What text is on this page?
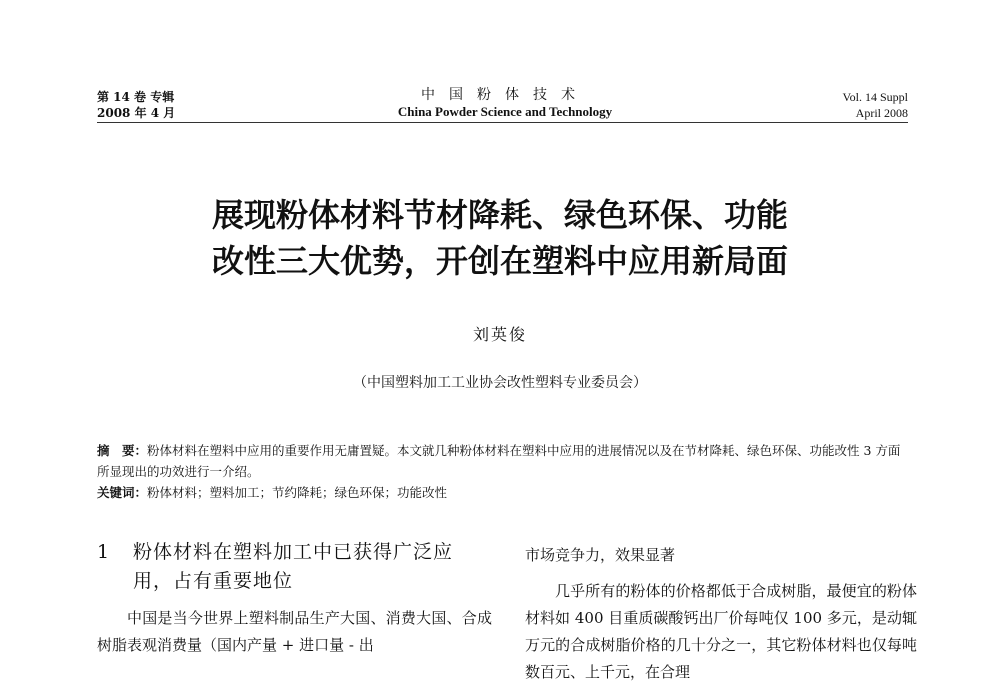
第 14 卷 专辑
2008 年 4 月
中国粉体技术
China Powder Science and Technology
Vol. 14 Suppl
April 2008
展现粉体材料节材降耗、绿色环保、功能
改性三大优势，开创在塑料中应用新局面
刘英俊
（中国塑料加工工业协会改性塑料专业委员会）
摘　要：粉体材料在塑料中应用的重要作用无庸置疑。本文就几种粉体材料在塑料中应用的进展情况以及在节材降耗、绿色环保、功能改性 3 方面所显现出的功效进行一介绍。
关键词：粉体材料；塑料加工；节约降耗；绿色环保；功能改性
1	粉体材料在塑料加工中已获得广泛应用，占有重要地位
中国是当今世界上塑料制品生产大国、消费大国、合成树脂表观消费量（国内产量 + 进口量 - 出
市场竞争力，效果显著
几乎所有的粉体的价格都低于合成树脂，最便宜的粉体材料如 400 目重质碳酸钙出厂价每吨仅 100 多元，是动辄万元的合成树脂价格的几十分之一，其它粉体材料也仅每吨数百元、上千元，在合理
